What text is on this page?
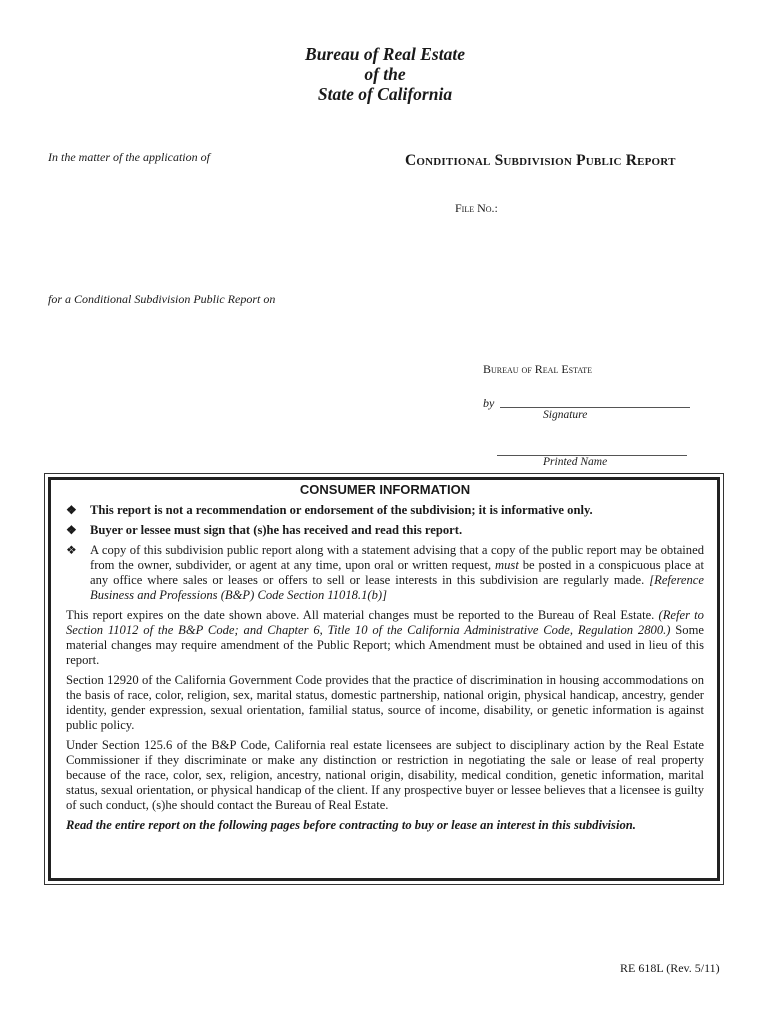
Bureau of Real Estate
of the
State of California
In the matter of the application of	Conditional Subdivision Public Report
File No.:
for a Conditional Subdivision Public Report on
Bureau of Real Estate
by
Signature
Printed Name
CONSUMER INFORMATION
❖ This report is not a recommendation or endorsement of the subdivision; it is informative only.
❖ Buyer or lessee must sign that (s)he has received and read this report.
❖ A copy of this subdivision public report along with a statement advising that a copy of the public report may be obtained from the owner, subdivider, or agent at any time, upon oral or written request, must be posted in a conspicuous place at any office where sales or leases or offers to sell or lease interests in this subdivision are regularly made. [Reference Business and Professions (B&P) Code Section 11018.1(b)]
This report expires on the date shown above. All material changes must be reported to the Bureau of Real Estate. (Refer to Section 11012 of the B&P Code; and Chapter 6, Title 10 of the California Administrative Code, Regulation 2800.) Some material changes may require amendment of the Public Report; which Amendment must be obtained and used in lieu of this report.
Section 12920 of the California Government Code provides that the practice of discrimination in housing accommodations on the basis of race, color, religion, sex, marital status, domestic partnership, national origin, physical handicap, ancestry, gender identity, gender expression, sexual orientation, familial status, source of income, disability, or genetic information is against public policy.
Under Section 125.6 of the B&P Code, California real estate licensees are subject to disciplinary action by the Real Estate Commissioner if they discriminate or make any distinction or restriction in negotiating the sale or lease of real property because of the race, color, sex, religion, ancestry, national origin, disability, medical condition, genetic information, marital status, sexual orientation, or physical handicap of the client. If any prospective buyer or lessee believes that a licensee is guilty of such conduct, (s)he should contact the Bureau of Real Estate.
Read the entire report on the following pages before contracting to buy or lease an interest in this subdivision.
RE 618L (Rev. 5/11)
